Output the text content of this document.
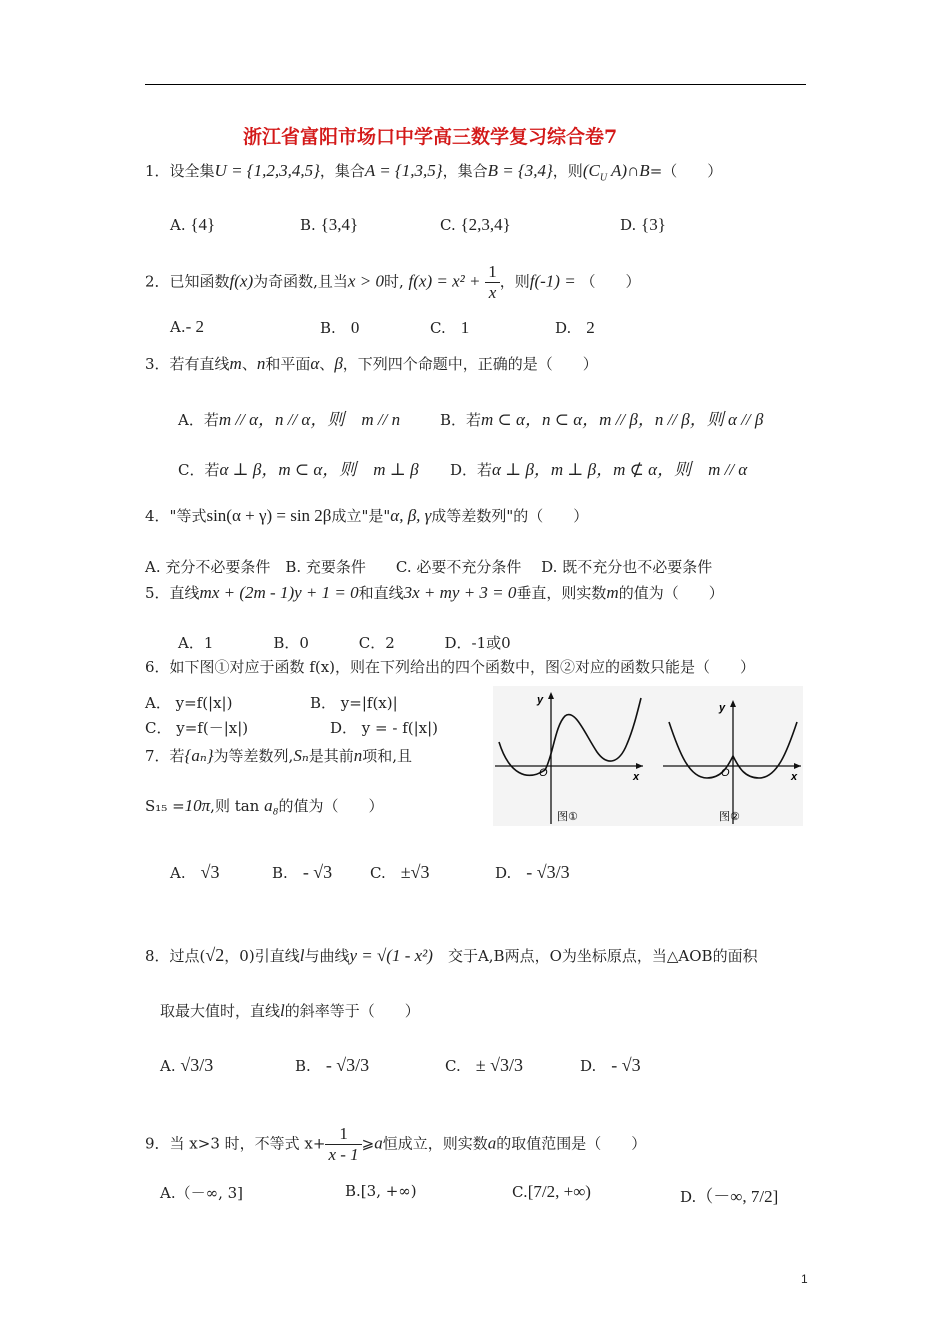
浙江省富阳市场口中学高三数学复习综合卷7
1．设全集U = {1,2,3,4,5}，集合A = {1,3,5}，集合B = {3,4}，则($C_U$ A)∩B=（　　）
A. {4}	B. {3,4}	C. {2,3,4}	D. {3}
2．已知函数f(x)为奇函数,且当x > 0时, $f(x) = x^2 + \frac{1}{x}$ ，则f(-1) = （　　）
A.- 2	B.　 0	C.　 1	D.　 2
3．若有直线m、n和平面α、β，下列四个命题中，正确的是（　　）
A．若m // α，n // α，则　m // n	B．若m ⊂ α，n ⊂ α，m // β，n // β，则 α // β
C．若α ⊥ β，m ⊂ α，则　m ⊥ β D．若α ⊥ β，m ⊥ β，m ⊄ α，则　m // α
4．"等式sin(α + γ) = sin 2β成立"是"α, β, γ成等差数列"的（　　）
A. 充分不必要条件　B. 充要条件　　C. 必要不充分条件　 D. 既不充分也不必要条件
5．直线mx + (2m - 1)y + 1 = 0和直线3x + my + 3 = 0垂直，则实数m的值为（　　）
A．1　　　　B．0　　　 C．2　　　 D．-1或0
6．如下图①对应于函数 f(x)，则在下列给出的四个函数中，图②对应的函数只能是（　　）
A． y=f(|x|)	B． y=|f(x)|
C． y=f(－|x|)	D． y = - f(|x|)
y
x
O
图①
y
x
O
图②
7．若{aₙ}为等差数列,Sₙ是其前n项和,且
S₁₅ =10π,则 tan a₈的值为（　　）
A.　 √3	B.　 - √3	C.　 ±√3	D.　 - √3/3
8．过点(√2，0)引直线l与曲线y = √(1 - x²)　 交于A,B两点，O为坐标原点，当△AOB的面积
取最大值时，直线l的斜率等于（　　）
A. √3/3	B.　 - √3/3	C.　 ± √3/3	D.　 - √3
9．当 x>3 时，不等式 $x+ \frac{1}{x - 1}$ ⩾a恒成立，则实数a的取值范围是（　　）
A.（－∞, 3]	B.[3, +∞)	C.[7/2, +∞)	D.（－∞, 7/2]
1
